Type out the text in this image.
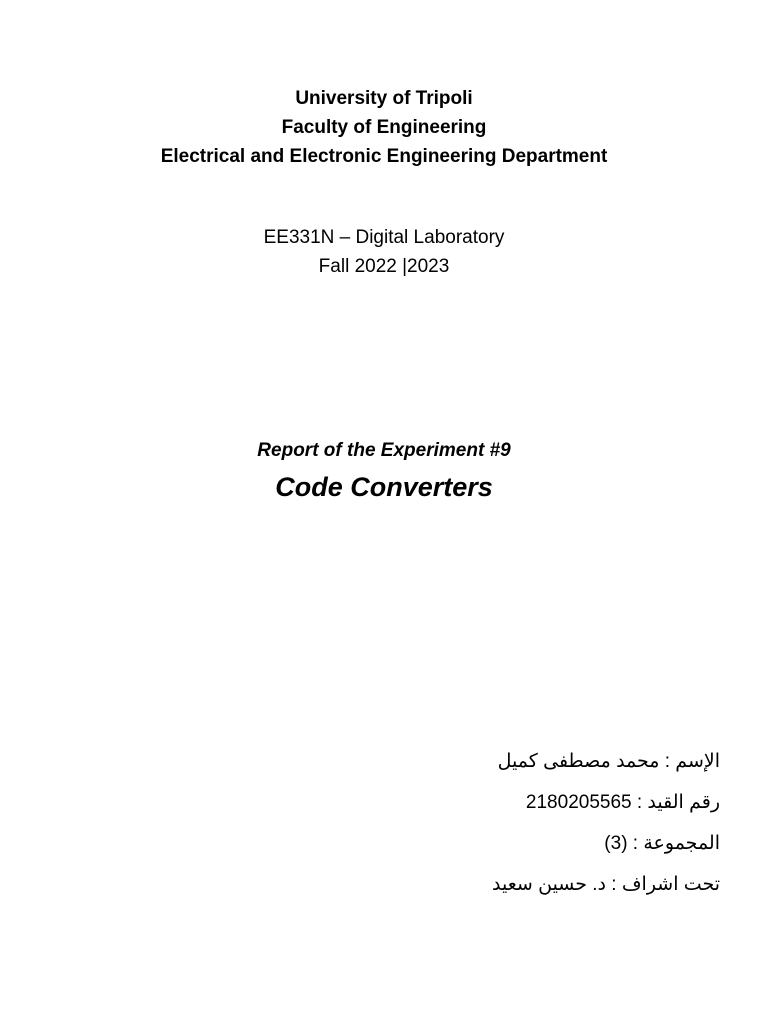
University of Tripoli

Faculty of Engineering

Electrical and Electronic Engineering Department

EE331N – Digital Laboratory

Fall 2022 |2023

Report of the Experiment #9

Code Converters

الإسم : محمد مصطفى كميل

رقم القيد : 2180205565

المجموعة : (3)

تحت اشراف : د. حسين سعيد
